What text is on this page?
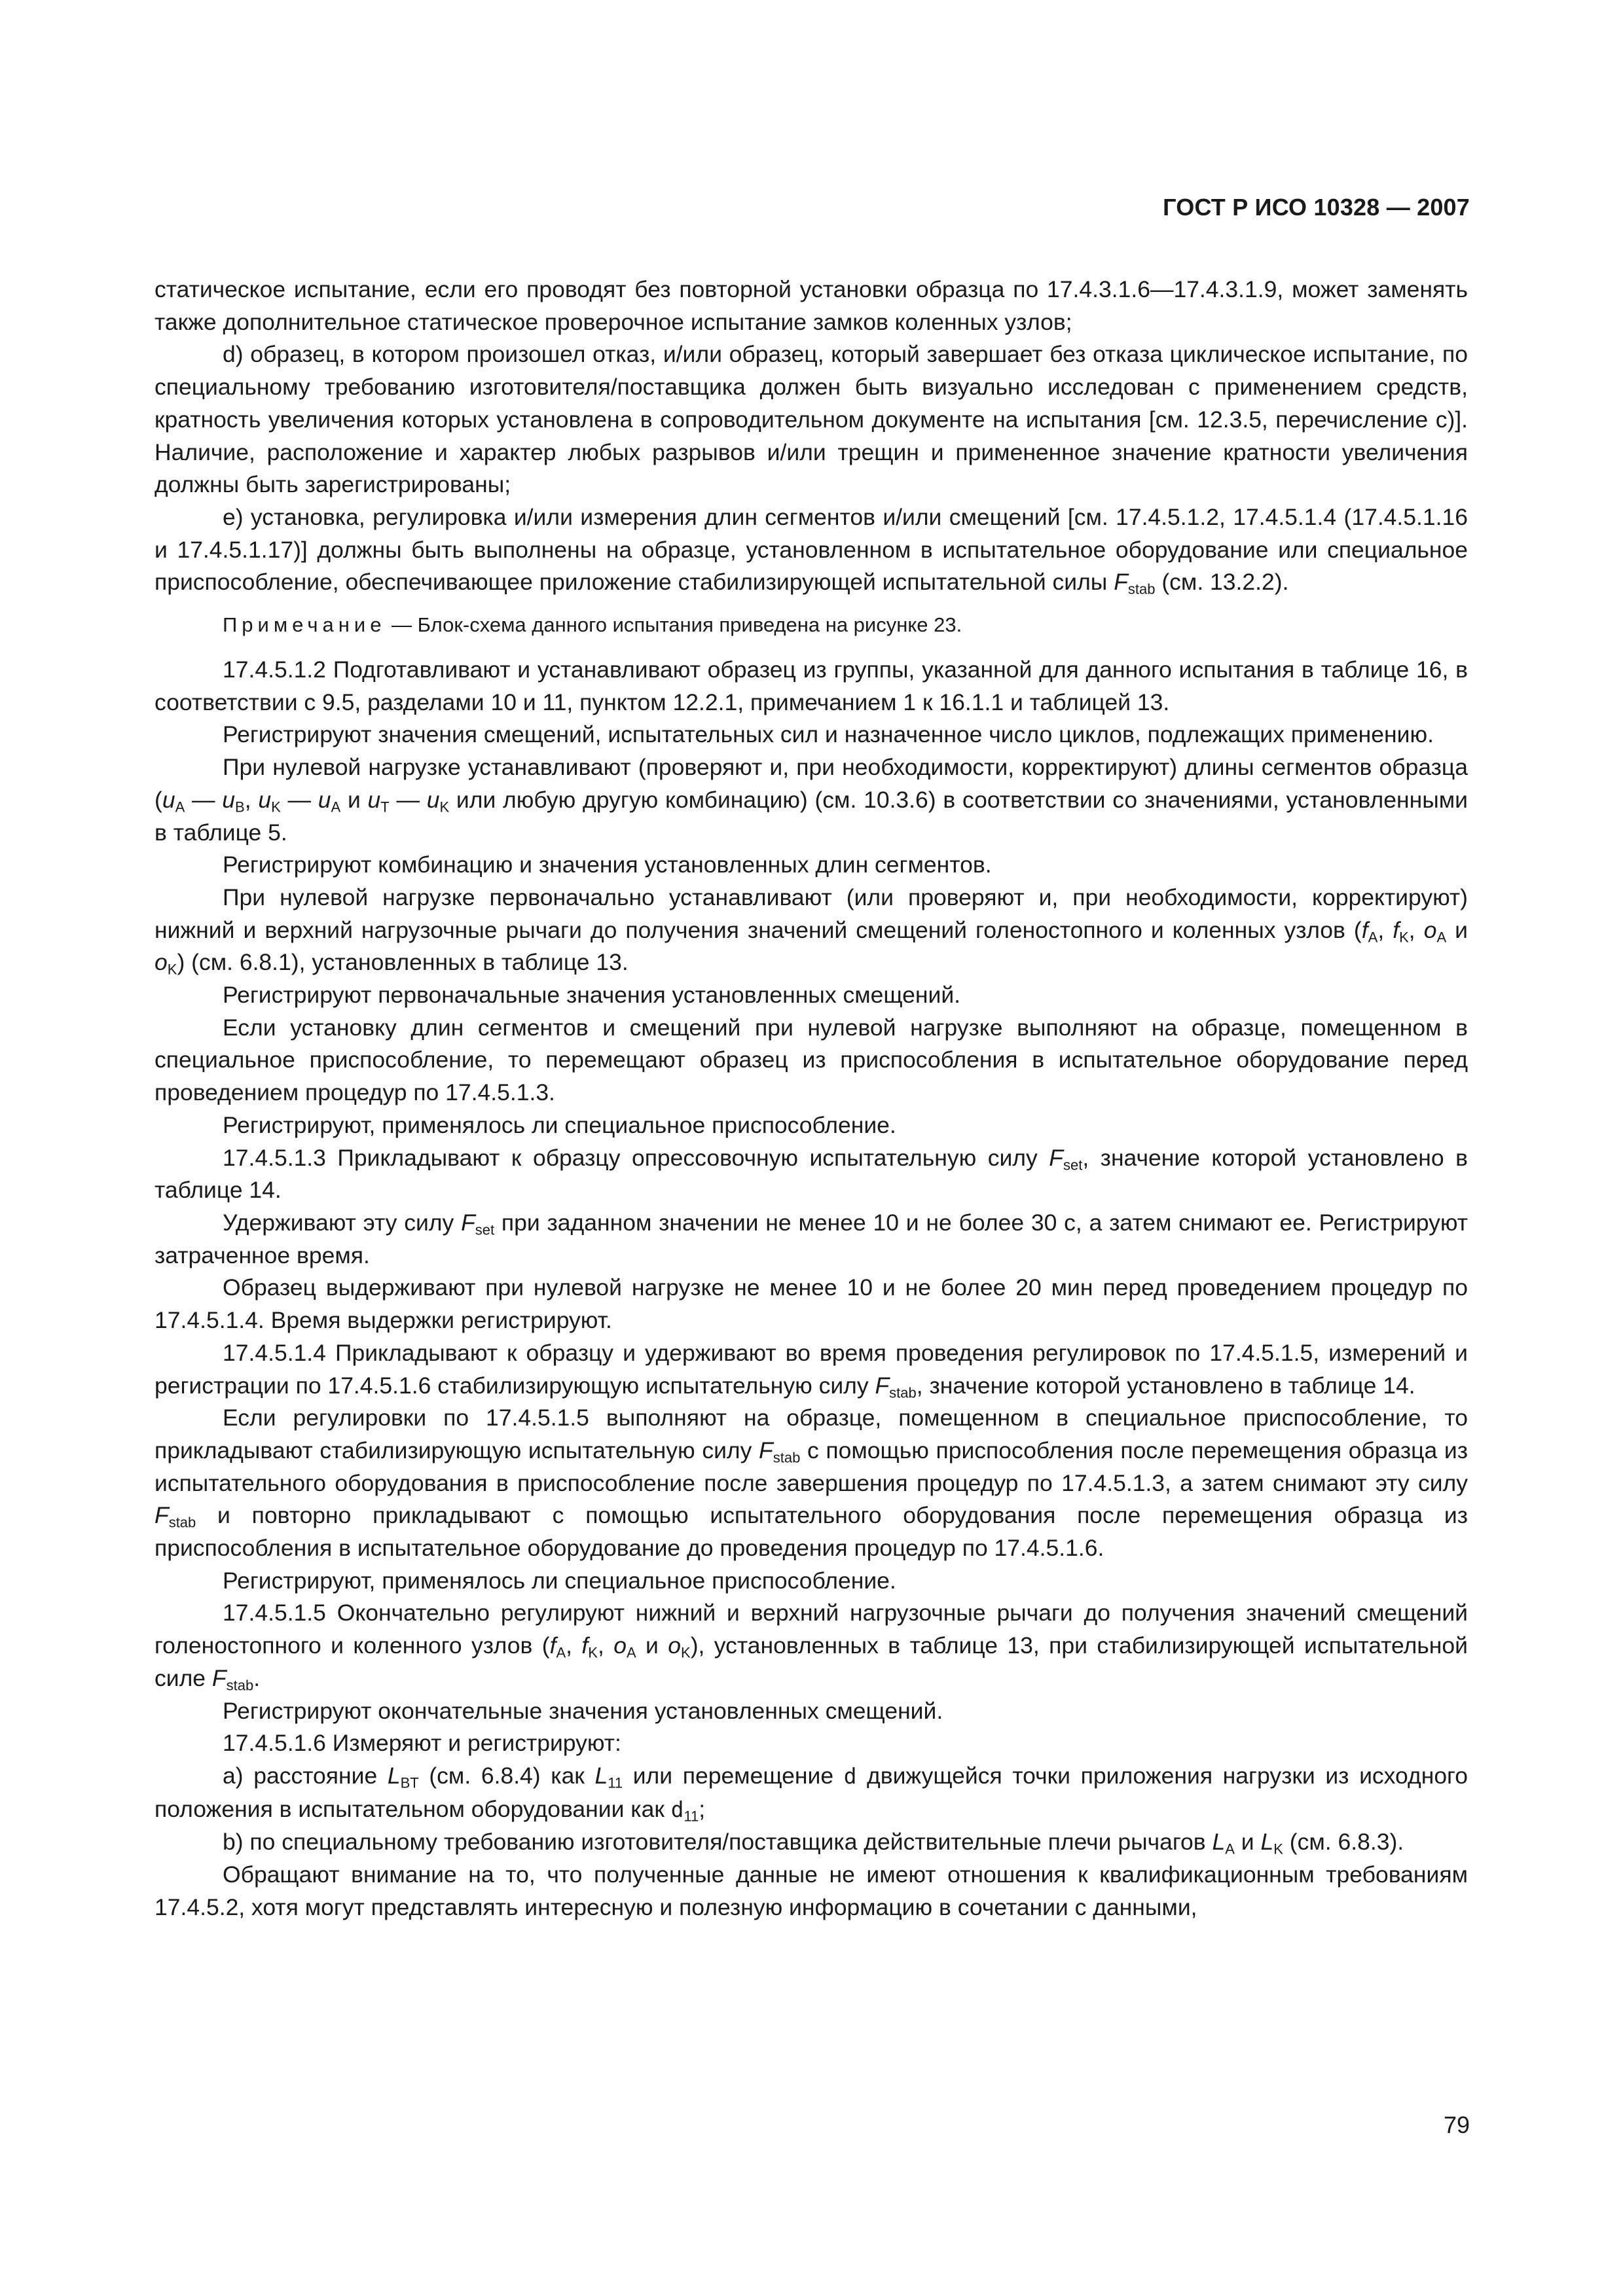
ГОСТ Р ИСО 10328 — 2007

статическое испытание, если его проводят без повторной установки образца по 17.4.3.1.6—17.4.3.1.9, может заменять также дополнительное статическое проверочное испытание замков коленных узлов;

d) образец, в котором произошел отказ, и/или образец, который завершает без отказа циклическое испытание, по специальному требованию изготовителя/поставщика должен быть визуально исследован с применением средств, кратность увеличения которых установлена в сопроводительном документе на испытания [см. 12.3.5, перечисление с)]. Наличие, расположение и характер любых разрывов и/или трещин и примененное значение кратности увеличения должны быть зарегистрированы;

е) установка, регулировка и/или измерения длин сегментов и/или смещений [см. 17.4.5.1.2, 17.4.5.1.4 (17.4.5.1.16 и 17.4.5.1.17)] должны быть выполнены на образце, установленном в испытательное оборудование или специальное приспособление, обеспечивающее приложение стабилизирующей испытательной силы $F_{stab}$ (см. 13.2.2).

Примечание — Блок-схема данного испытания приведена на рисунке 23.

17.4.5.1.2 Подготавливают и устанавливают образец из группы, указанной для данного испытания в таблице 16, в соответствии с 9.5, разделами 10 и 11, пунктом 12.2.1, примечанием 1 к 16.1.1 и таблицей 13.

Регистрируют значения смещений, испытательных сил и назначенное число циклов, подлежащих применению.

При нулевой нагрузке устанавливают (проверяют и, при необходимости, корректируют) длины сегментов образца ($u_A$ — $u_B$, $u_K$ — $u_A$ и $u_T$ — $u_K$ или любую другую комбинацию) (см. 10.3.6) в соответствии со значениями, установленными в таблице 5.

Регистрируют комбинацию и значения установленных длин сегментов.

При нулевой нагрузке первоначально устанавливают (или проверяют и, при необходимости, корректируют) нижний и верхний нагрузочные рычаги до получения значений смещений голеностопного и коленных узлов ($f_A$, $f_K$, $o_A$ и $o_K$) (см. 6.8.1), установленных в таблице 13.

Регистрируют первоначальные значения установленных смещений.

Если установку длин сегментов и смещений при нулевой нагрузке выполняют на образце, помещенном в специальное приспособление, то перемещают образец из приспособления в испытательное оборудование перед проведением процедур по 17.4.5.1.3.

Регистрируют, применялось ли специальное приспособление.

17.4.5.1.3 Прикладывают к образцу опрессовочную испытательную силу $F_{set}$, значение которой установлено в таблице 14.

Удерживают эту силу $F_{set}$ при заданном значении не менее 10 и не более 30 с, а затем снимают ее. Регистрируют затраченное время.

Образец выдерживают при нулевой нагрузке не менее 10 и не более 20 мин перед проведением процедур по 17.4.5.1.4. Время выдержки регистрируют.

17.4.5.1.4 Прикладывают к образцу и удерживают во время проведения регулировок по 17.4.5.1.5, измерений и регистрации по 17.4.5.1.6 стабилизирующую испытательную силу $F_{stab}$, значение которой установлено в таблице 14.

Если регулировки по 17.4.5.1.5 выполняют на образце, помещенном в специальное приспособление, то прикладывают стабилизирующую испытательную силу $F_{stab}$ с помощью приспособления после перемещения образца из испытательного оборудования в приспособление после завершения процедур по 17.4.5.1.3, а затем снимают эту силу $F_{stab}$ и повторно прикладывают с помощью испытательного оборудования после перемещения образца из приспособления в испытательное оборудование до проведения процедур по 17.4.5.1.6.

Регистрируют, применялось ли специальное приспособление.

17.4.5.1.5 Окончательно регулируют нижний и верхний нагрузочные рычаги до получения значений смещений голеностопного и коленного узлов ($f_A$, $f_K$, $o_A$ и $o_K$), установленных в таблице 13, при стабилизирующей испытательной силе $F_{stab}$.

Регистрируют окончательные значения установленных смещений.

17.4.5.1.6 Измеряют и регистрируют:

a) расстояние $L_{BT}$ (см. 6.8.4) как $L_{11}$ или перемещение d движущейся точки приложения нагрузки из исходного положения в испытательном оборудовании как $d_{11}$;

b) по специальному требованию изготовителя/поставщика действительные плечи рычагов $L_A$ и $L_K$ (см. 6.8.3).

Обращают внимание на то, что полученные данные не имеют отношения к квалификационным требованиям 17.4.5.2, хотя могут представлять интересную и полезную информацию в сочетании с данными,

79
